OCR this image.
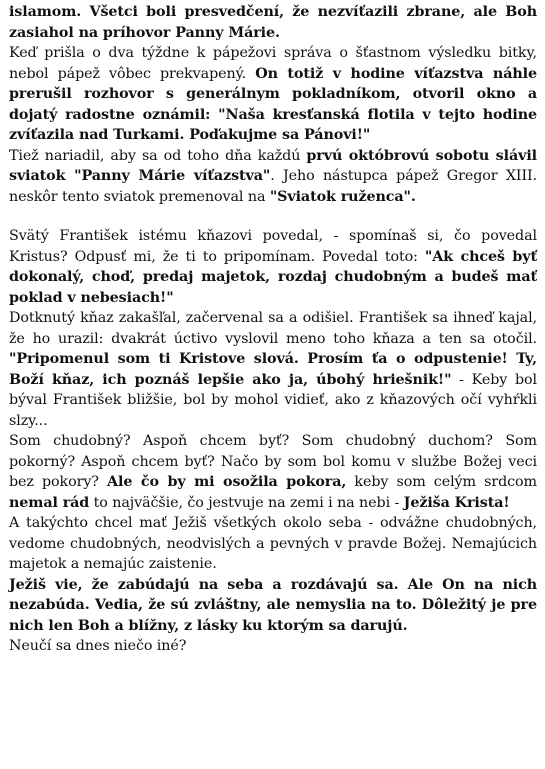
islamom. Všetci boli presvedčení, že nezvíťazili zbrane, ale Boh zasiahol na príhovor Panny Márie.

Keď prišla o dva týždne k pápežovi správa o šťastnom výsledku bitky, nebol pápež vôbec prekvapený. On totiž v hodine víťazstva náhle prerušil rozhovor s generálnym pokladníkom, otvoril okno a dojatý radostne oznámil: "Naša kresťanská flotila v tejto hodine zvíťazila nad Turkami. Poďakujme sa Pánovi!"

Tiež nariadil, aby sa od toho dňa každú prvú októbrovú sobotu slávil sviatok "Panny Márie víťazstva". Jeho nástupca pápež Gregor XIII. neskôr tento sviatok premenoval na "Sviatok ruženca".

Svätý František istému kňazovi povedal, - spomínaš si, čo povedal Kristus? Odpusť mi, že ti to pripomínam. Povedal toto: "Ak chceš byť dokonalý, choď, predaj majetok, rozdaj chudobným a budeš mať poklad v nebesiach!"

Dotknutý kňaz zakašľal, začervenal sa a odišiel. František sa ihneď kajal, že ho urazil: dvakrát úctivo vyslovil meno toho kňaza a ten sa otočil. "Pripomenul som ti Kristove slová. Prosím ťa o odpustenie! Ty, Boží kňaz, ich poznáš lepšie ako ja, úbohý hriešnik!" - Keby bol býval František bližšie, bol by mohol vidieť, ako z kňazových očí vyhŕkli slzy...

Som chudobný? Aspoň chcem byť? Som chudobný duchom? Som pokorný? Aspoň chcem byť? Načo by som bol komu v službe Božej veci bez pokory? Ale čo by mi osožila pokora, keby som celým srdcom nemal rád to najväčšie, čo jestvuje na zemi i na nebi - Ježiša Krista!

A takýchto chcel mať Ježiš všetkých okolo seba - odvážne chudobných, vedome chudobných, neodvislých a pevných v pravde Božej. Nemajúcich majetok a nemajúc zaistenie.

Ježiš vie, že zabúdajú na seba a rozdávajú sa. Ale On na nich nezabúda. Vedia, že sú zvláštny, ale nemyslia na to. Dôležitý je pre nich len Boh a blížny, z lásky ku ktorým sa darujú.

Neučí sa dnes niečo iné?
